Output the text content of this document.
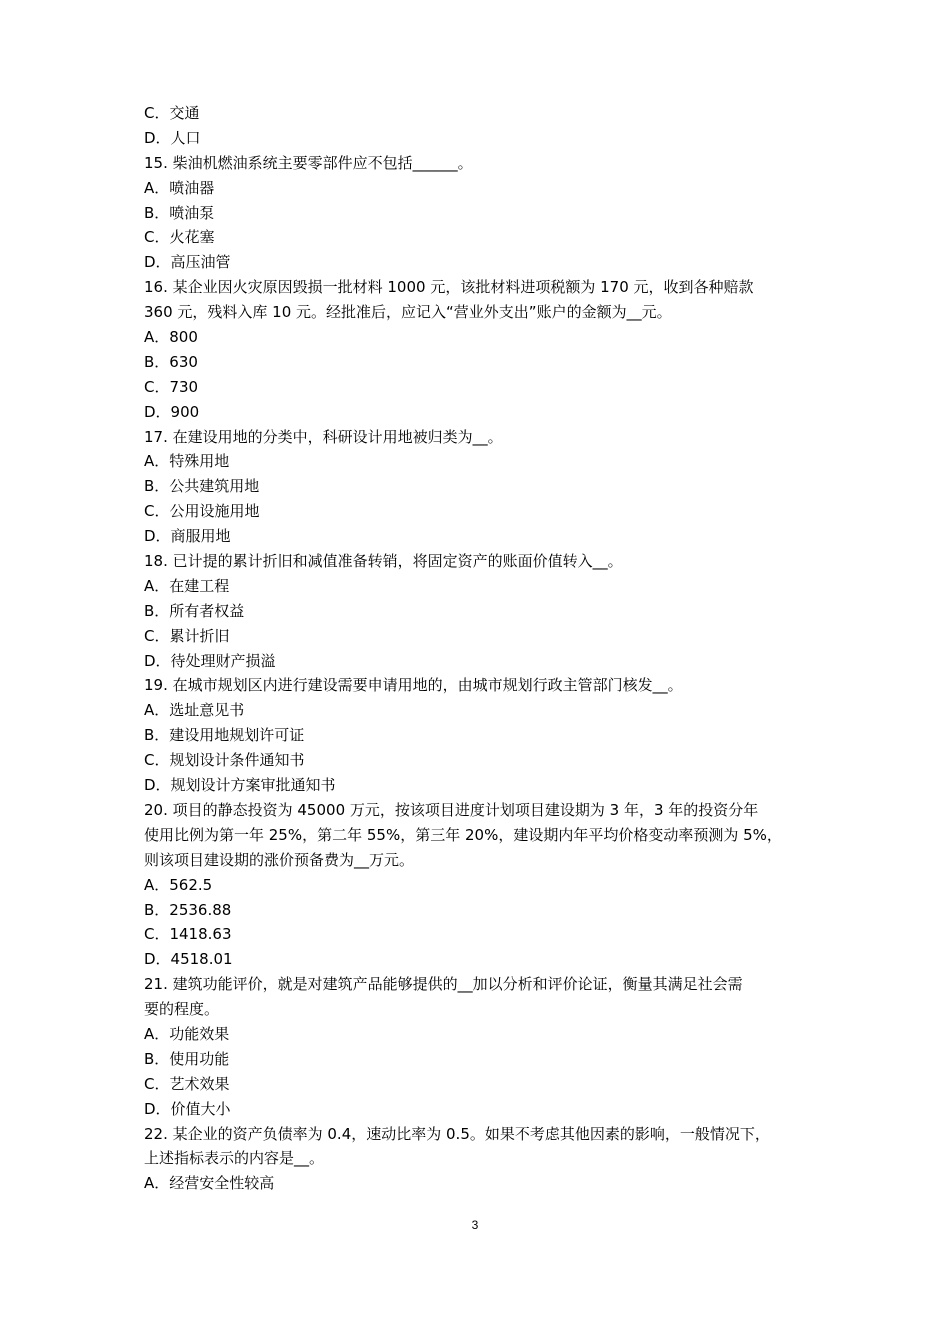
C．交通
D．人口
15. 柴油机燃油系统主要零部件应不包括______。
A．喷油器
B．喷油泵
C．火花塞
D．高压油管
16. 某企业因火灾原因毁损一批材料 1000 元，该批材料进项税额为 170 元，收到各种赔款
360 元，残料入库 10 元。经批准后，应记入“营业外支出”账户的金额为__元。
A．800
B．630
C．730
D．900
17. 在建设用地的分类中，科研设计用地被归类为__。
A．特殊用地
B．公共建筑用地
C．公用设施用地
D．商服用地
18. 已计提的累计折旧和减值准备转销，将固定资产的账面价值转入__。
A．在建工程
B．所有者权益
C．累计折旧
D．待处理财产损溢
19. 在城市规划区内进行建设需要申请用地的，由城市规划行政主管部门核发__。
A．选址意见书
B．建设用地规划许可证
C．规划设计条件通知书
D．规划设计方案审批通知书
20. 项目的静态投资为 45000 万元，按该项目进度计划项目建设期为 3 年，3 年的投资分年
使用比例为第一年 25%，第二年 55%，第三年 20%，建设期内年平均价格变动率预测为 5%，
则该项目建设期的涨价预备费为__万元。
A．562.5
B．2536.88
C．1418.63
D．4518.01
21. 建筑功能评价，就是对建筑产品能够提供的__加以分析和评价论证，衡量其满足社会需
要的程度。
A．功能效果
B．使用功能
C．艺术效果
D．价值大小
22. 某企业的资产负债率为 0.4，速动比率为 0.5。如果不考虑其他因素的影响，一般情况下，
上述指标表示的内容是__。
A．经营安全性较高
3
